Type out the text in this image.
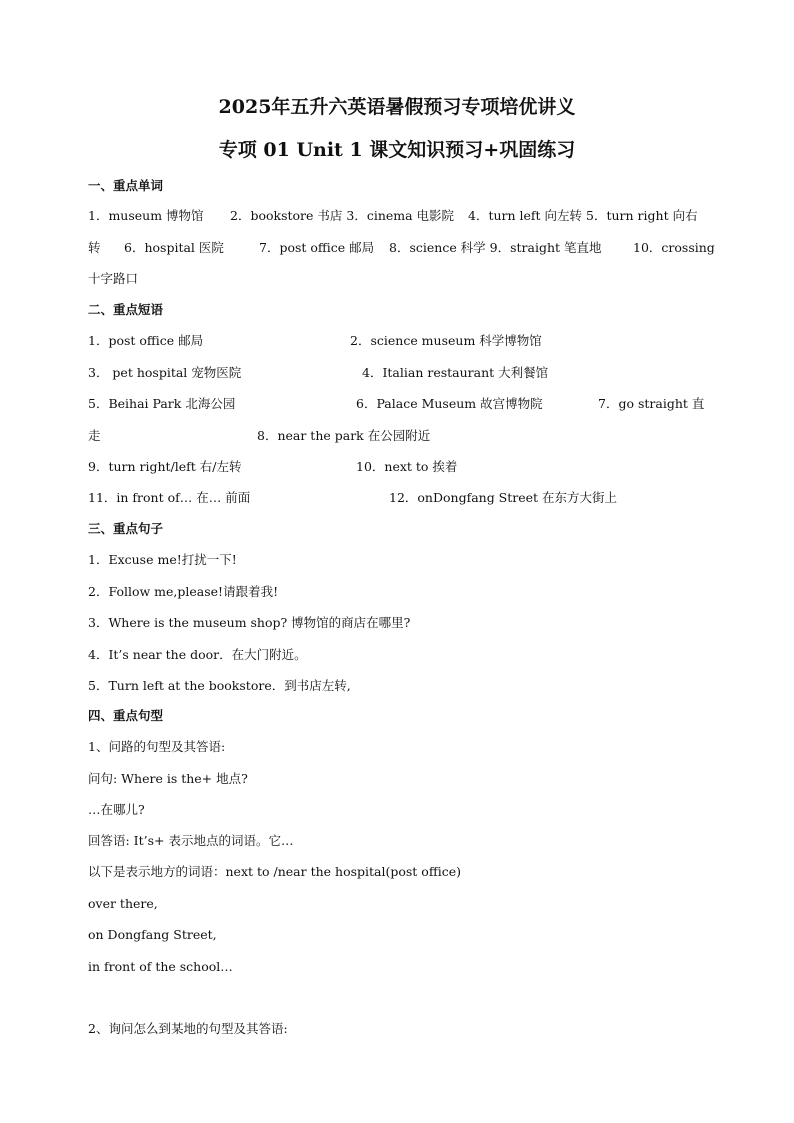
2025年五升六英语暑假预习专项培优讲义
专项 01 Unit 1 课文知识预习+巩固练习
一、重点单词
1．museum 博物馆 2．bookstore 书店 3．cinema 电影院 4．turn left 向左转 5．turn right 向右
转 6．hospital 医院	7．post office 邮局 8．science 科学 9．straight 笔直地	10．crossing
十字路口
二、重点短语
1．post office 邮局	2．science museum 科学博物馆
3． pet hospital 宠物医院	4．Italian restaurant 大利餐馆
5．Beihai Park 北海公园	6．Palace Museum 故宫博物院	7．go straight 直
走	8．near the park 在公园附近
9．turn right/left 右/左转	10．next to 挨着
11．in front of… 在… 前面	12．onDongfang Street 在东方大街上
三、重点句子
1．Excuse me!打扰一下!
2．Follow me,please!请跟着我!
3．Where is the museum shop? 博物馆的商店在哪里?
4．It’s near the door．在大门附近。
5．Turn left at the bookstore．到书店左转,
四、重点句型
1、问路的句型及其答语:
问句: Where is the+ 地点?
…在哪儿?
回答语: It’s+ 表示地点的词语。它…
以下是表示地方的词语：next to /near the hospital(post office)
over there,
on Dongfang Street,
in front of the school…
2、询问怎么到某地的句型及其答语:
